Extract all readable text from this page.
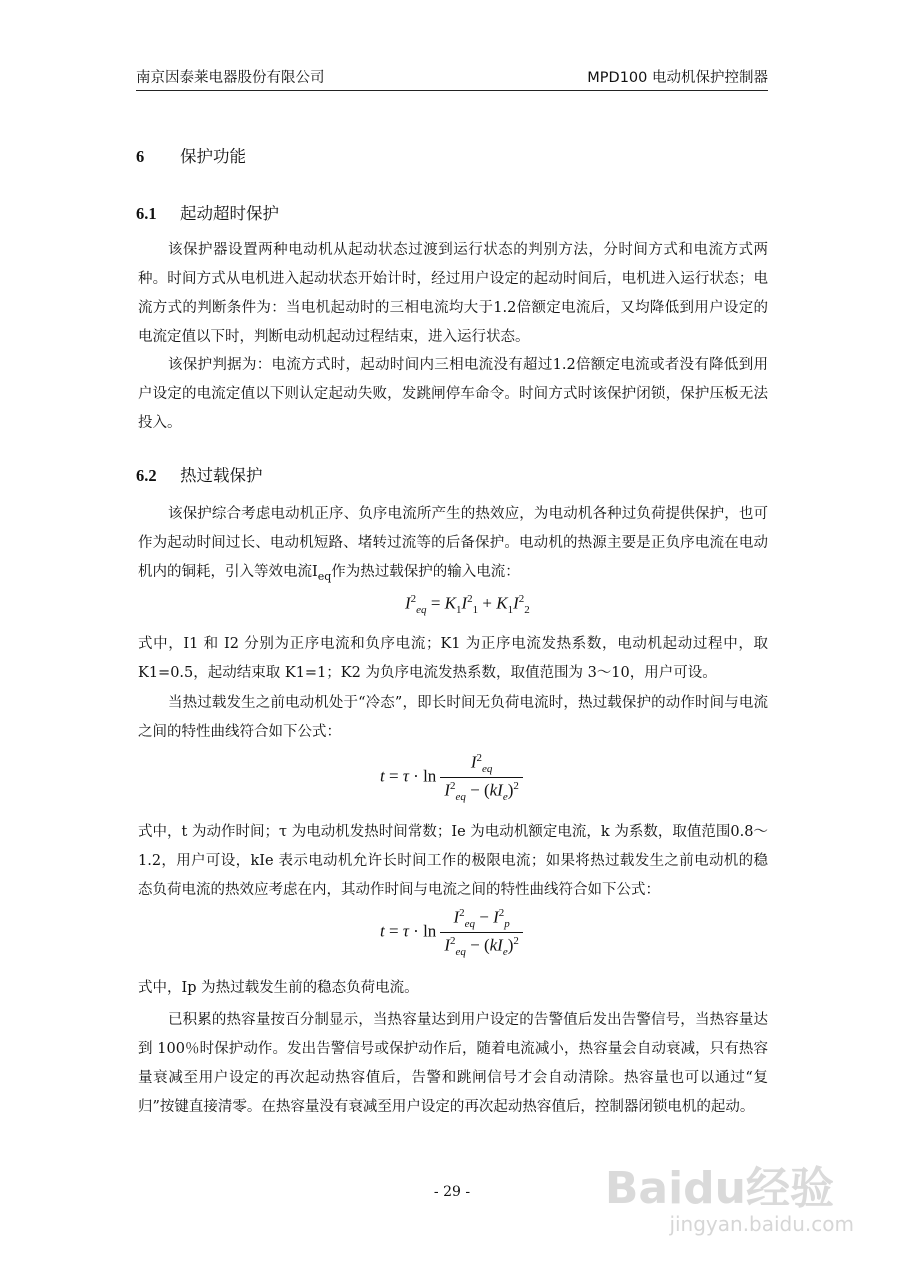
南京因泰莱电器股份有限公司	MPD100 电动机保护控制器
6 保护功能
6.1 起动超时保护
该保护器设置两种电动机从起动状态过渡到运行状态的判别方法，分时间方式和电流方式两种。时间方式从电机进入起动状态开始计时，经过用户设定的起动时间后，电机进入运行状态；电流方式的判断条件为：当电机起动时的三相电流均大于1.2倍额定电流后，又均降低到用户设定的电流定值以下时，判断电动机起动过程结束，进入运行状态。
该保护判据为：电流方式时，起动时间内三相电流没有超过1.2倍额定电流或者没有降低到用户设定的电流定值以下则认定起动失败，发跳闸停车命令。时间方式时该保护闭锁，保护压板无法投入。
6.2 热过载保护
该保护综合考虑电动机正序、负序电流所产生的热效应，为电动机各种过负荷提供保护，也可作为起动时间过长、电动机短路、堵转过流等的后备保护。电动机的热源主要是正负序电流在电动机内的铜耗，引入等效电流$I_{eq}$作为热过载保护的输入电流：
$I^2_{eq} = K_1I^2_1 + K_1I^2_2$
式中，I1 和 I2 分别为正序电流和负序电流；K1 为正序电流发热系数，电动机起动过程中，取 K1=0.5，起动结束取 K1=1；K2 为负序电流发热系数，取值范围为 3～10，用户可设。
当热过载发生之前电动机处于“冷态”，即长时间无负荷电流时，热过载保护的动作时间与电流之间的特性曲线符合如下公式：
$t = \tau \cdot \ln \frac{I^2_{eq}}{I^2_{eq} - (kI_e)^2}$
式中，t 为动作时间；τ 为电动机发热时间常数；Ie 为电动机额定电流，k 为系数，取值范围0.8～1.2，用户可设，kIe 表示电动机允许长时间工作的极限电流；如果将热过载发生之前电动机的稳态负荷电流的热效应考虑在内，其动作时间与电流之间的特性曲线符合如下公式：
$t = \tau \cdot \ln \frac{I^2_{eq} - I^2_p}{I^2_{eq} - (kI_e)^2}$
式中，Ip 为热过载发生前的稳态负荷电流。
已积累的热容量按百分制显示，当热容量达到用户设定的告警值后发出告警信号，当热容量达到 100％时保护动作。发出告警信号或保护动作后，随着电流减小，热容量会自动衰减，只有热容量衰减至用户设定的再次起动热容值后，告警和跳闸信号才会自动清除。热容量也可以通过“复归”按键直接清零。在热容量没有衰减至用户设定的再次起动热容值后，控制器闭锁电机的起动。
- 29 -	Baidu经验
jingyan.baidu.com
